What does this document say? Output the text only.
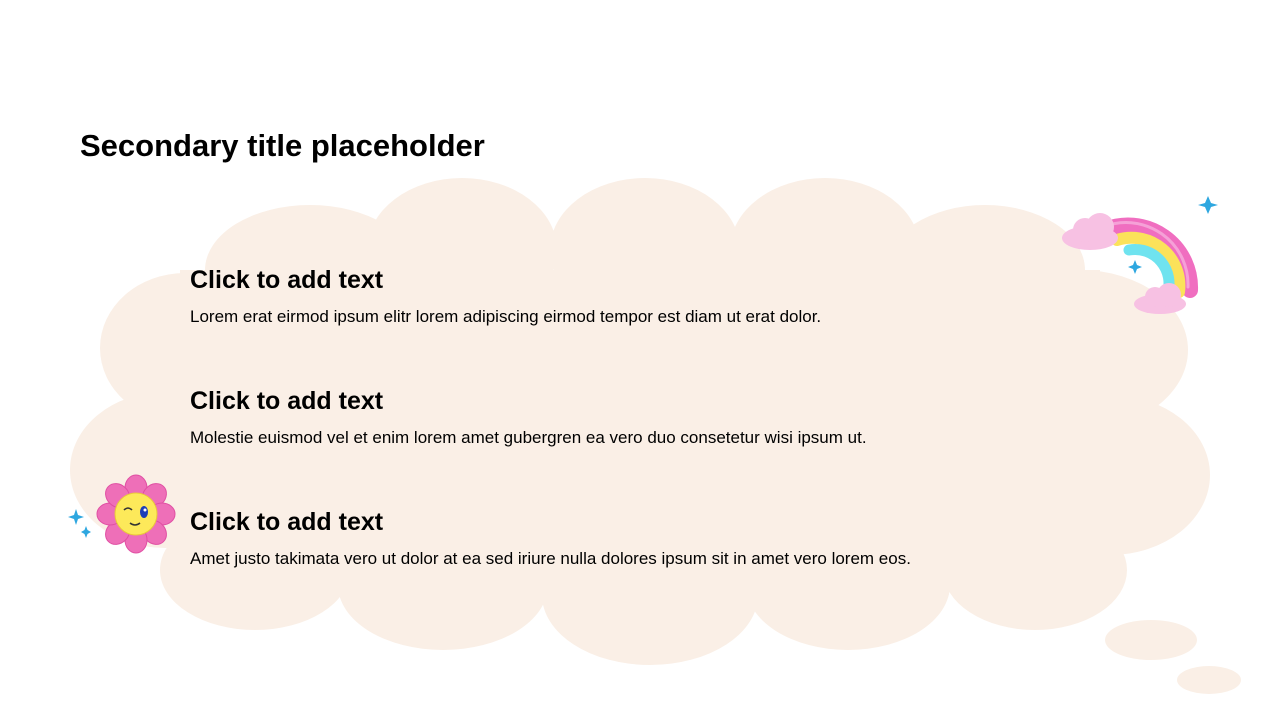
Secondary title placeholder
Click to add text
Lorem erat eirmod ipsum elitr lorem adipiscing eirmod tempor est diam ut erat dolor.
Click to add text
Molestie euismod vel et enim lorem amet gubergren ea vero duo consetetur wisi ipsum ut.
Click to add text
Amet justo takimata vero ut dolor at ea sed iriure nulla dolores ipsum sit in amet vero lorem eos.
